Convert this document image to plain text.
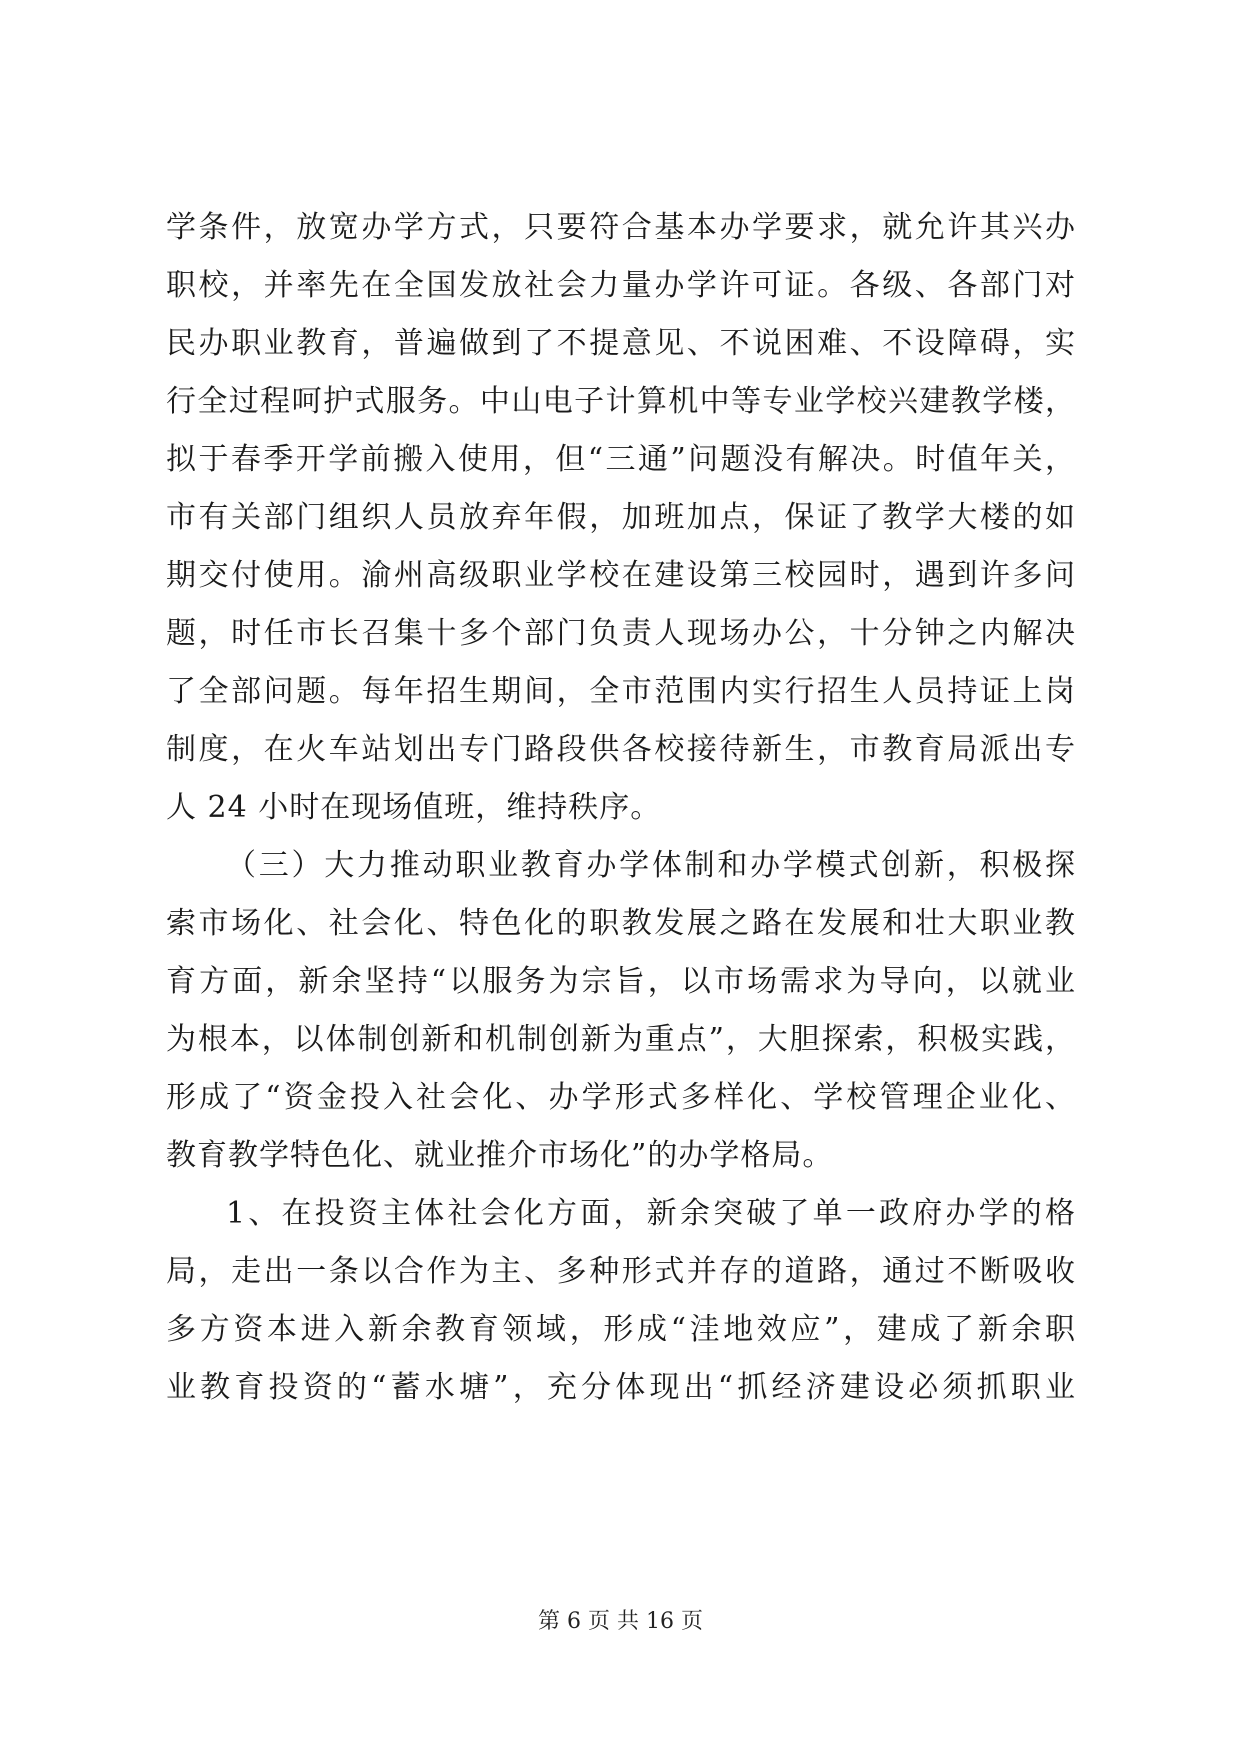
学条件，放宽办学方式，只要符合基本办学要求，就允许其兴办
职校，并率先在全国发放社会力量办学许可证。各级、各部门对
民办职业教育，普遍做到了不提意见、不说困难、不设障碍，实
行全过程呵护式服务。中山电子计算机中等专业学校兴建教学楼，
拟于春季开学前搬入使用，但“三通”问题没有解决。时值年关，
市有关部门组织人员放弃年假，加班加点，保证了教学大楼的如
期交付使用。渝州高级职业学校在建设第三校园时，遇到许多问
题，时任市长召集十多个部门负责人现场办公，十分钟之内解决
了全部问题。每年招生期间，全市范围内实行招生人员持证上岗
制度，在火车站划出专门路段供各校接待新生，市教育局派出专
人 24 小时在现场值班，维持秩序。
（三）大力推动职业教育办学体制和办学模式创新，积极探
索市场化、社会化、特色化的职教发展之路在发展和壮大职业教
育方面，新余坚持“以服务为宗旨，以市场需求为导向，以就业
为根本，以体制创新和机制创新为重点”，大胆探索，积极实践，
形成了“资金投入社会化、办学形式多样化、学校管理企业化、
教育教学特色化、就业推介市场化”的办学格局。
1、在投资主体社会化方面，新余突破了单一政府办学的格
局，走出一条以合作为主、多种形式并存的道路，通过不断吸收
多方资本进入新余教育领域，形成“洼地效应”，建成了新余职
业教育投资的“蓄水塘”，充分体现出“抓经济建设必须抓职业
第 6 页 共 16 页
